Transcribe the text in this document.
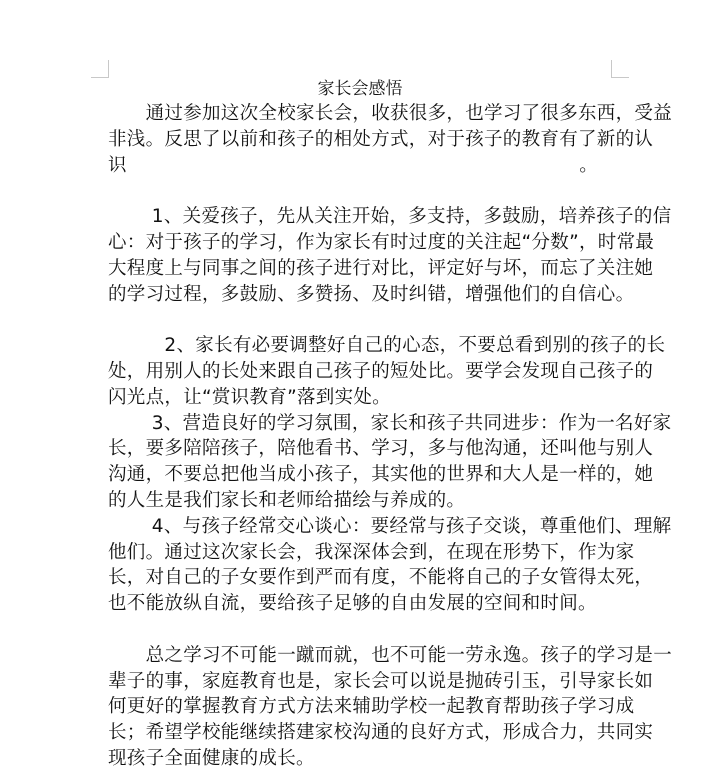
家长会感悟
　　通过参加这次全校家长会，收获很多，也学习了很多东西，受益
非浅。反思了以前和孩子的相处方式，对于孩子的教育有了新的认
识	。
　　 1、关爱孩子，先从关注开始，多支持，多鼓励，培养孩子的信
心：对于孩子的学习，作为家长有时过度的关注起“分数”，时常最
大程度上与同事之间的孩子进行对比，评定好与坏，而忘了关注她
的学习过程，多鼓励、多赞扬、及时纠错，增强他们的自信心。
　　　2、家长有必要调整好自己的心态，不要总看到别的孩子的长
处，用别人的长处来跟自己孩子的短处比。要学会发现自己孩子的
闪光点，让“赏识教育”落到实处。
　　 3、营造良好的学习氛围，家长和孩子共同进步：作为一名好家
长，要多陪陪孩子，陪他看书、学习，多与他沟通，还叫他与别人
沟通，不要总把他当成小孩子，其实他的世界和大人是一样的，她
的人生是我们家长和老师给描绘与养成的。
　　 4、与孩子经常交心谈心：要经常与孩子交谈，尊重他们、理解
他们。通过这次家长会，我深深体会到，在现在形势下，作为家
长，对自己的子女要作到严而有度，不能将自己的子女管得太死，
也不能放纵自流，要给孩子足够的自由发展的空间和时间。
　　总之学习不可能一蹴而就，也不可能一劳永逸。孩子的学习是一
辈子的事，家庭教育也是，家长会可以说是抛砖引玉，引导家长如
何更好的掌握教育方式方法来辅助学校一起教育帮助孩子学习成
长；希望学校能继续搭建家校沟通的良好方式，形成合力，共同实
现孩子全面健康的成长。
